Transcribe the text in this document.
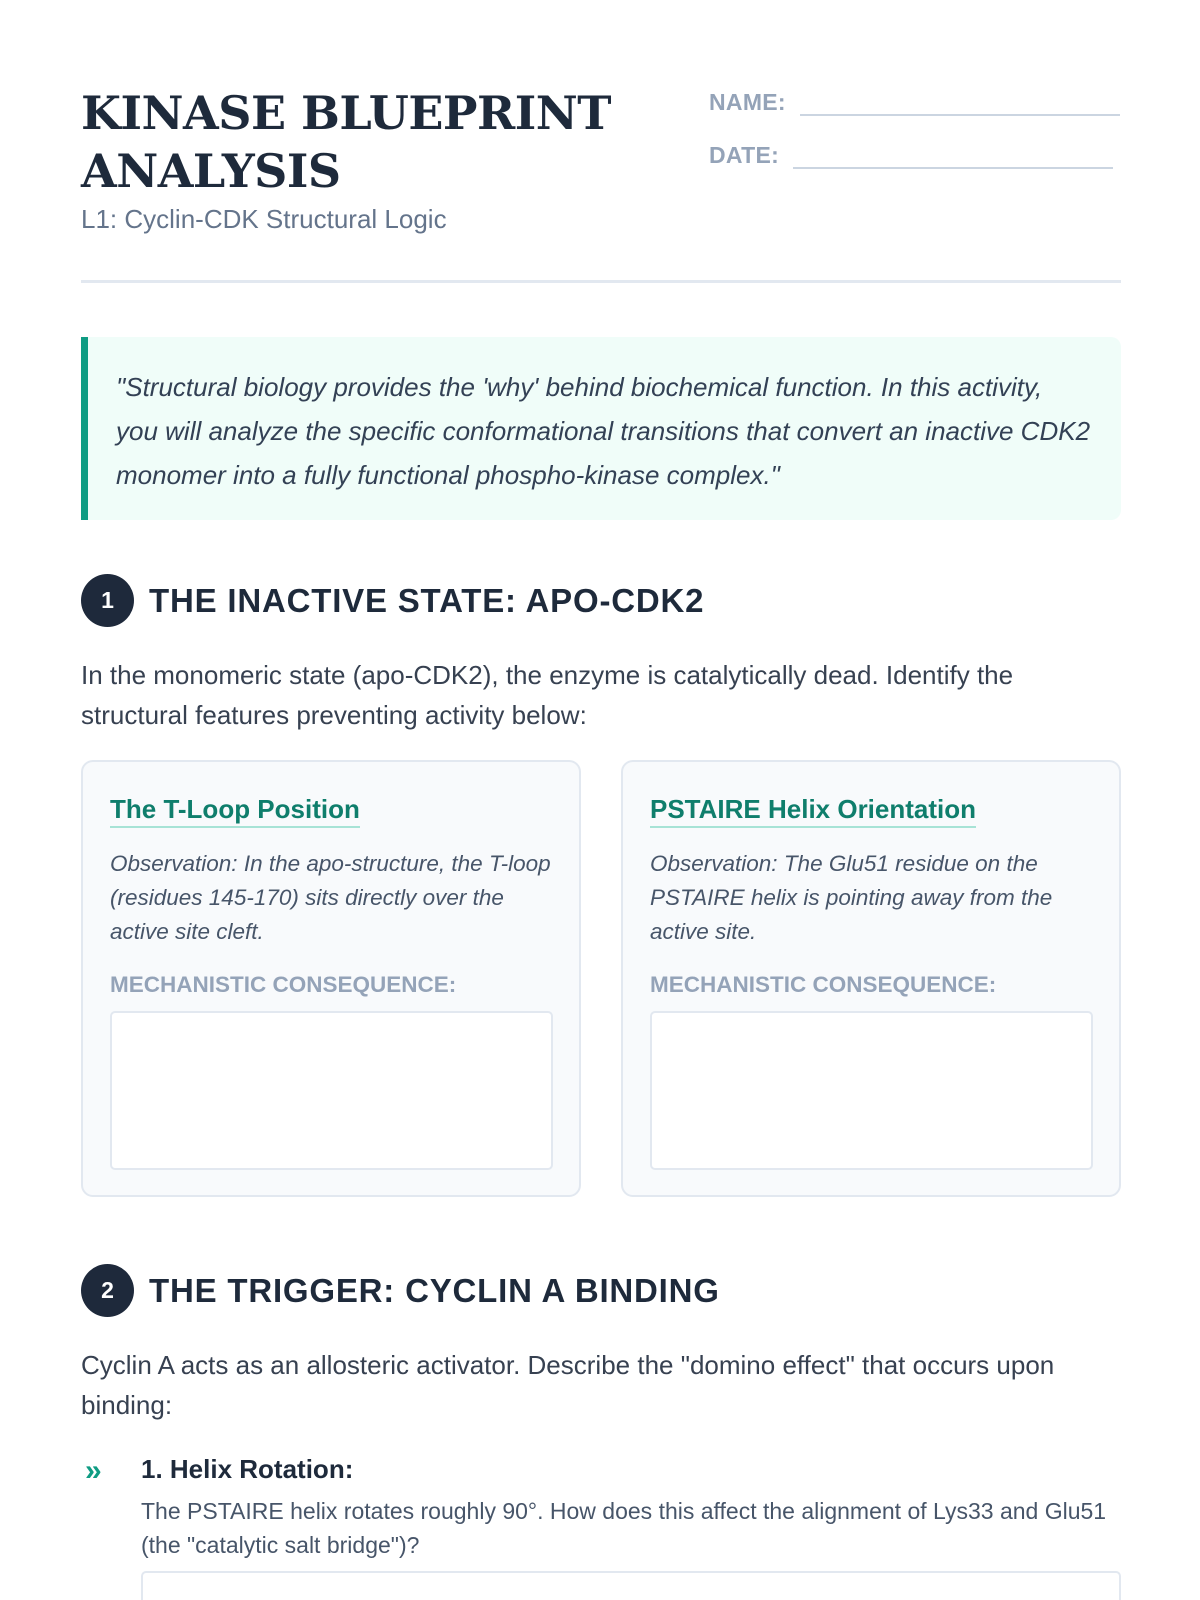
KINASE BLUEPRINT ANALYSIS
L1: Cyclin-CDK Structural Logic
NAME:
DATE:

"Structural biology provides the 'why' behind biochemical function. In this activity, you will analyze the specific conformational transitions that convert an inactive CDK2 monomer into a fully functional phospho-kinase complex."

1	THE INACTIVE STATE: APO-CDK2
In the monomeric state (apo-CDK2), the enzyme is catalytically dead. Identify the structural features preventing activity below:
The T-Loop Position
Observation: In the apo-structure, the T-loop (residues 145-170) sits directly over the active site cleft.
MECHANISTIC CONSEQUENCE:
PSTAIRE Helix Orientation
Observation: The Glu51 residue on the PSTAIRE helix is pointing away from the active site.
MECHANISTIC CONSEQUENCE:
2	THE TRIGGER: CYCLIN A BINDING
Cyclin A acts as an allosteric activator. Describe the "domino effect" that occurs upon binding:
» 1. Helix Rotation:
The PSTAIRE helix rotates roughly 90°. How does this affect the alignment of Lys33 and Glu51 (the "catalytic salt bridge")?
